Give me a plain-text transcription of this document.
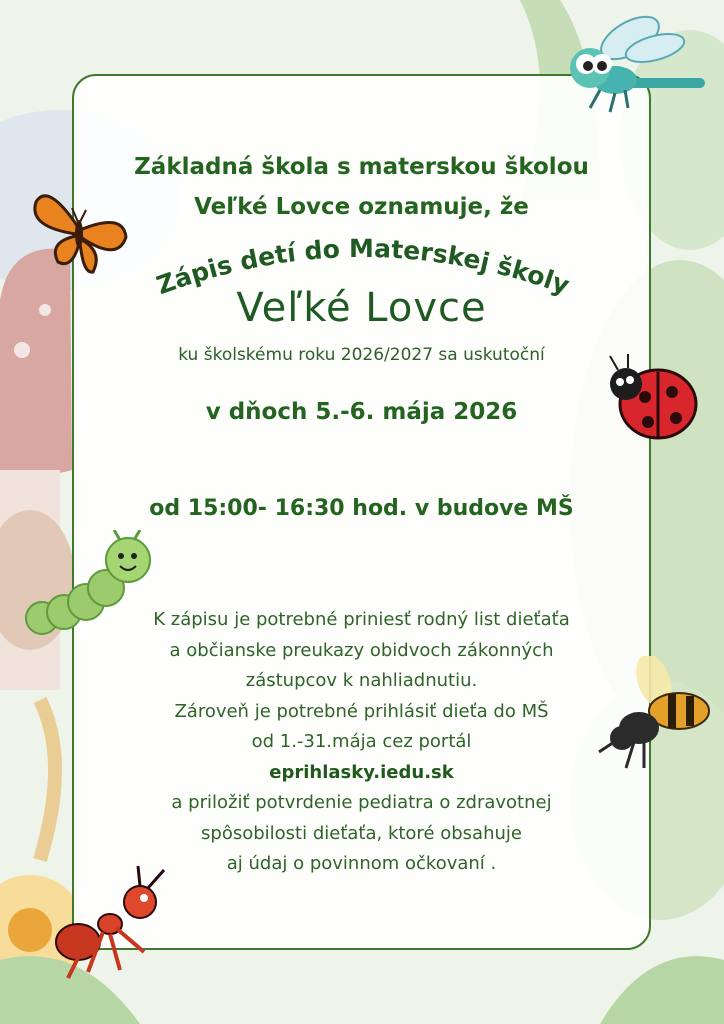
Základná škola s materskou školou
Veľké Lovce oznamuje, že
Zápis detí do Materskej školy
Veľké Lovce
ku školskému roku 2026/2027 sa uskutoční
v dňoch 5.-6. mája 2026
od 15:00- 16:30 hod. v budove MŠ
K zápisu je potrebné priniesť rodný list dieťaťa
a občianske preukazy obidvoch zákonných
zástupcov k nahliadnutiu.
Zároveň je potrebné prihlásiť dieťa do MŠ
od 1.-31.mája cez portál
eprihlasky.iedu.sk
a priložiť potvrdenie pediatra o zdravotnej
spôsobilosti dieťaťa, ktoré obsahuje
aj údaj o povinnom očkovaní .
